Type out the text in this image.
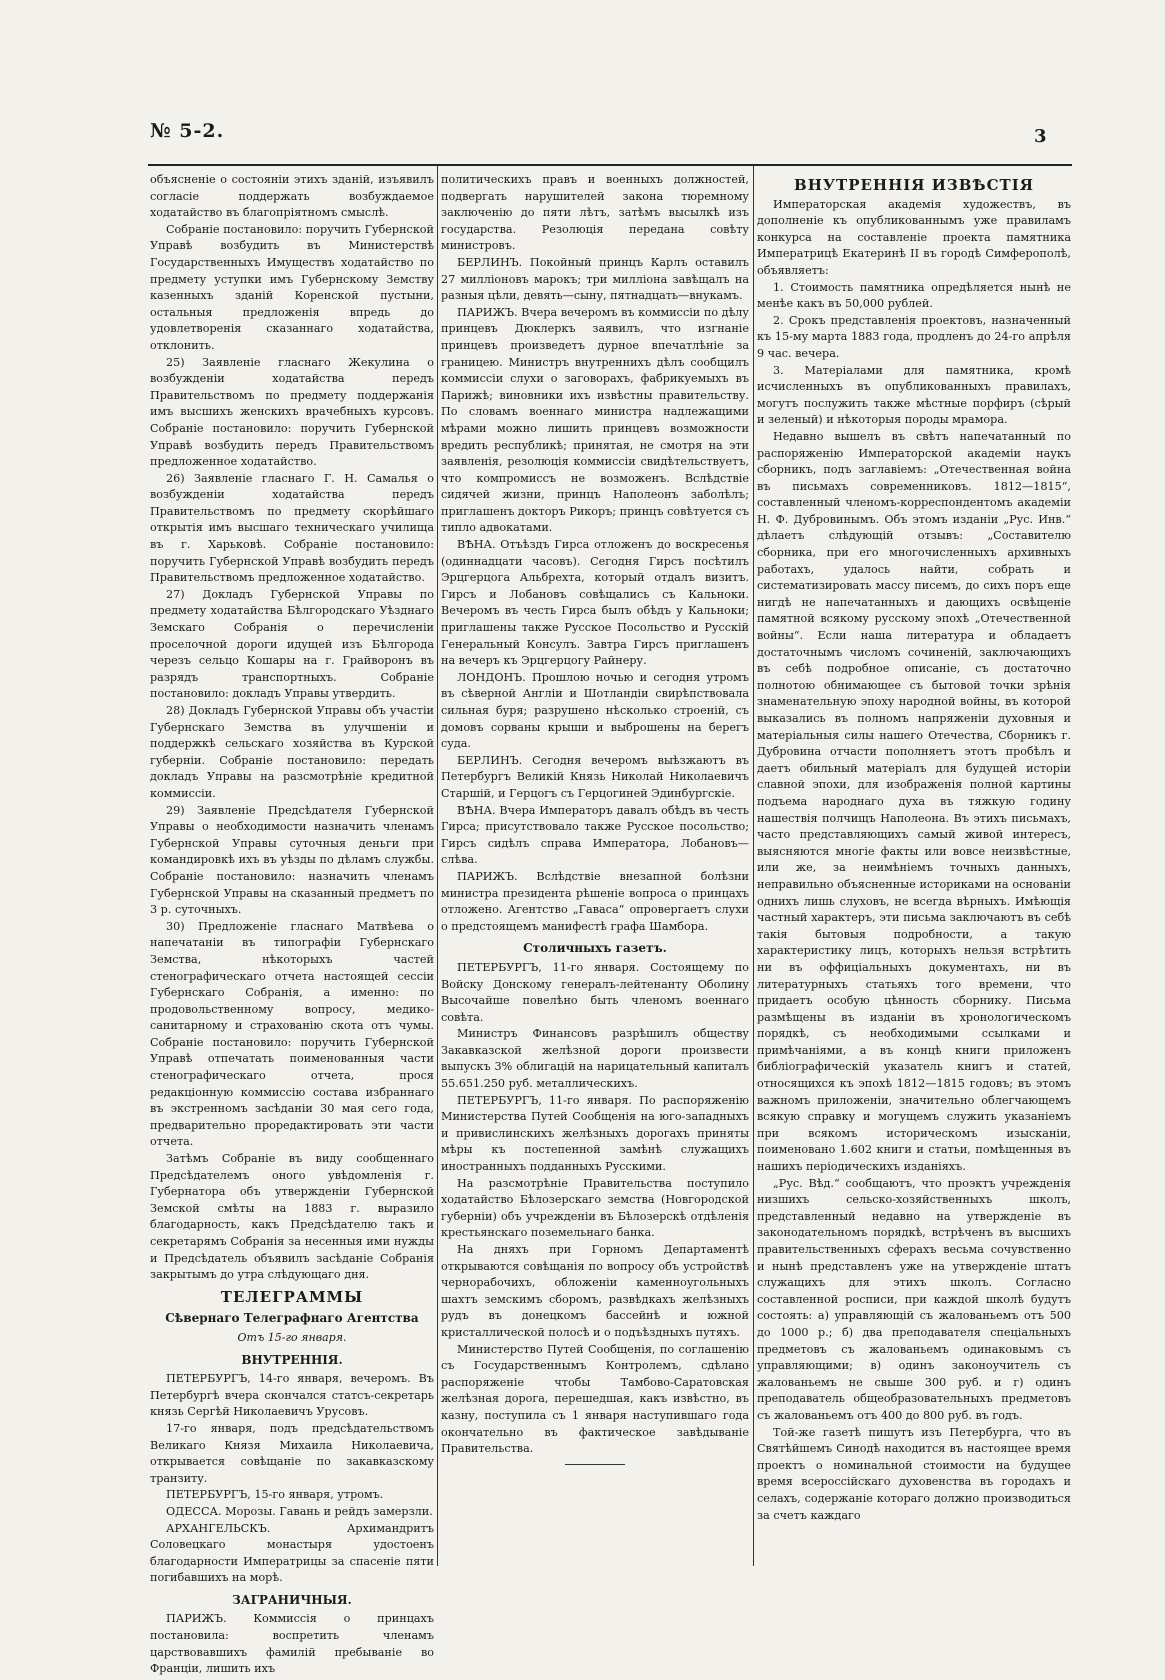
№ 5-2.	3

объясненіе о состояніи этихъ зданій, изъявилъ согласіе поддержать возбуждаемое ходатайство въ благопріятномъ смыслѣ.

Собраніе постановило: поручить Губернской Управѣ возбудить въ Министерствѣ Государственныхъ Имуществъ ходатайство по предмету уступки имъ Губернскому Земству казенныхъ зданій Коренской пустыни, остальныя предложенія впредь до удовлетворенія сказаннаго ходатайства, отклонить.

25) Заявленіе гласнаго Жекулина о возбужденіи ходатайства передъ Правительствомъ по предмету поддержанія имъ высшихъ женскихъ врачебныхъ курсовъ. Собраніе постановило: поручить Губернской Управѣ возбудить передъ Правительствомъ предложенное ходатайство.

26) Заявленіе гласнаго Г. Н. Самалья о возбужденіи ходатайства передъ Правительствомъ по предмету скорѣйшаго открытія имъ высшаго техническаго училища въ г. Харьковѣ. Собраніе постановило: поручить Губернской Управѣ возбудить передъ Правительствомъ предложенное ходатайство.

27) Докладъ Губернской Управы по предмету ходатайства Бѣлгородскаго Уѣзднаго Земскаго Собранія о перечисленіи проселочной дороги идущей изъ Бѣлгорода черезъ сельцо Кошары на г. Грайворонъ въ разрядъ транспортныхъ. Собраніе постановило: докладъ Управы утвердить.

28) Докладъ Губернской Управы объ участіи Губернскаго Земства въ улучшеніи и поддержкѣ сельскаго хозяйства въ Курской губерніи. Собраніе постановило: передать докладъ Управы на разсмотрѣніе кредитной коммиссіи.

29) Заявленіе Предсѣдателя Губернской Управы о необходимости назначить членамъ Губернской Управы суточныя деньги при командировкѣ ихъ въ уѣзды по дѣламъ службы. Собраніе постановило: назначить членамъ Губернской Управы на сказанный предметъ по 3 р. суточныхъ.

30) Предложеніе гласнаго Матвѣева о напечатаніи въ типографіи Губернскаго Земства, нѣкоторыхъ частей стенографическаго отчета настоящей сессіи Губернскаго Собранія, а именно: по продовольственному вопросу, медико-санитарному и страхованію скота отъ чумы. Собраніе постановило: поручить Губернской Управѣ отпечатать поименованныя части стенографическаго отчета, прося редакціонную коммиссію состава избраннаго въ экстренномъ засѣданіи 30 мая сего года, предварительно проредактировать эти части отчета.

Затѣмъ Собраніе въ виду сообщеннаго Предсѣдателемъ оного увѣдомленія г. Губернатора объ утвержденіи Губернской Земской смѣты на 1883 г. выразило благодарность, какъ Предсѣдателю такъ и секретарямъ Собранія за несенныя ими нужды и Предсѣдатель объявилъ засѣданіе Собранія закрытымъ до утра слѣдующаго дня.

ТЕЛЕГРАММЫ
Сѣвернаго Телеграфнаго Агентства
Отъ 15-го января.
ВНУТРЕННІЯ.

ПЕТЕРБУРГЪ, 14-го января, вечеромъ. Въ Петербургѣ вчера скончался статсъ-секретарь князь Сергѣй Николаевичъ Урусовъ.

17-го января, подъ предсѣдательствомъ Великаго Князя Михаила Николаевича, открывается совѣщаніе по закавказскому транзиту.

ПЕТЕРБУРГЪ, 15-го января, утромъ.

ОДЕССА. Морозы. Гавань и рейдъ замерзли.

АРХАНГЕЛЬСКЪ. Архимандритъ Соловецкаго монастыря удостоенъ благодарности Императрицы за спасеніе пяти погибавшихъ на морѣ.

ЗАГРАНИЧНЫЯ.

ПАРИЖЪ. Коммиссія о принцахъ постановила: воспретить членамъ царствовавшихъ фамилій пребываніе во Франціи, лишить ихъ

политическихъ правъ и военныхъ должностей, подвергать нарушителей закона тюремному заключенію до пяти лѣтъ, затѣмъ высылкѣ изъ государства. Резолюція передана совѣту министровъ.

БЕРЛИНЪ. Покойный принцъ Карлъ оставилъ 27 милліоновъ марокъ; три милліона завѣщалъ на разныя цѣли, девять—сыну, пятнадцать—внукамъ.

ПАРИЖЪ. Вчера вечеромъ въ коммиссіи по дѣлу принцевъ Дюклеркъ заявилъ, что изгнаніе принцевъ произведетъ дурное впечатлѣніе за границею. Министръ внутреннихъ дѣлъ сообщилъ коммиссіи слухи о заговорахъ, фабрикуемыхъ въ Парижѣ; виновники ихъ извѣстны правительству. По словамъ военнаго министра надлежащими мѣрами можно лишить принцевъ возможности вредить республикѣ; принятая, не смотря на эти заявленія, резолюція коммиссіи свидѣтельствуетъ, что компромиссъ не возможенъ. Вслѣдствіе сидячей жизни, принцъ Наполеонъ заболѣлъ; приглашенъ докторъ Рикоръ; принцъ совѣтуется съ типло адвокатами.

ВѢНА. Отъѣздъ Гирса отложенъ до воскресенья (одиннадцати часовъ). Сегодня Гирсъ посѣтилъ Эрцгерцога Альбрехта, который отдалъ визитъ. Гирсъ и Лобановъ совѣщались съ Кальноки. Вечеромъ въ честь Гирса былъ обѣдъ у Кальноки; приглашены также Русское Посольство и Русскій Генеральный Консулъ. Завтра Гирсъ приглашенъ на вечеръ къ Эрцгерцогу Райнеру.

ЛОНДОНЪ. Прошлою ночью и сегодня утромъ въ сѣверной Англіи и Шотландіи свирѣпствовала сильная буря; разрушено нѣсколько строеній, съ домовъ сорваны крыши и выброшены на берегъ суда.

БЕРЛИНЪ. Сегодня вечеромъ выѣзжаютъ въ Петербургъ Великій Князь Николай Николаевичъ Старшій, и Герцогъ съ Герцогиней Эдинбургскіе.

ВѢНА. Вчера Императоръ давалъ обѣдъ въ честь Гирса; присутствовало также Русское посольство; Гирсъ сидѣлъ справа Императора, Лобановъ—слѣва.

ПАРИЖЪ. Вслѣдствіе внезапной болѣзни министра президента рѣшеніе вопроса о принцахъ отложено. Агентство „Гаваса“ опровергаетъ слухи о предстоящемъ манифестѣ графа Шамбора.

Столичныхъ газетъ.

ПЕТЕРБУРГЪ, 11-го января. Состоящему по Войску Донскому генералъ-лейтенанту Оболину Высочайше повелѣно быть членомъ военнаго совѣта.

Министръ Финансовъ разрѣшилъ обществу Закавказской желѣзной дороги произвести выпускъ 3% облигацій на нарицательный капиталъ 55.651.250 руб. металлическихъ.

ПЕТЕРБУРГЪ, 11-го января. По распоряженію Министерства Путей Сообщенія на юго-западныхъ и привислинскихъ желѣзныхъ дорогахъ приняты мѣры къ постепенной замѣнѣ служащихъ иностранныхъ подданныхъ Русскими.

На разсмотрѣніе Правительства поступило ходатайство Бѣлозерскаго земства (Новгородской губерніи) объ учрежденіи въ Бѣлозерскѣ отдѣленія крестьянскаго поземельнаго банка.

На дняхъ при Горномъ Департаментѣ открываются совѣщанія по вопросу объ устройствѣ чернорабочихъ, обложеніи каменноугольныхъ шахтъ земскимъ сборомъ, развѣдкахъ желѣзныхъ рудъ въ донецкомъ бассейнѣ и южной кристаллической полосѣ и о подъѣздныхъ путяхъ.

Министерство Путей Сообщенія, по соглашенію съ Государственнымъ Контролемъ, сдѣлано распоряженіе чтобы Тамбово-Саратовская желѣзная дорога, перешедшая, какъ извѣстно, въ казну, поступила съ 1 января наступившаго года окончательно въ фактическое завѣдываніе Правительства.

ВНУТРЕННІЯ ИЗВѢСТІЯ

Императорская академія художествъ, въ дополненіе къ опубликованнымъ уже правиламъ конкурса на составленіе проекта памятника Императрицѣ Екатеринѣ II въ городѣ Симферополѣ, объявляетъ:

1. Стоимость памятника опредѣляется нынѣ не менѣе какъ въ 50,000 рублей.

2. Срокъ представленія проектовъ, назначенный къ 15-му марта 1883 года, продленъ до 24-го апрѣля 9 час. вечера.

3. Матеріалами для памятника, кромѣ исчисленныхъ въ опубликованныхъ правилахъ, могутъ послужить также мѣстные порфиръ (сѣрый и зеленый) и нѣкоторыя породы мрамора.

Недавно вышелъ въ свѣтъ напечатанный по распоряженію Императорской академіи наукъ сборникъ, подъ заглавіемъ: „Отечественная война въ письмахъ современниковъ. 1812—1815“, составленный членомъ-корреспондентомъ академіи Н. Ф. Дубровинымъ. Объ этомъ изданіи „Рус. Инв.“ дѣлаетъ слѣдующій отзывъ: „Составителю сборника, при его многочисленныхъ архивныхъ работахъ, удалось найти, собрать и систематизировать массу писемъ, до сихъ поръ еще нигдѣ не напечатанныхъ и дающихъ освѣщеніе памятной всякому русскому эпохѣ „Отечественной войны“. Если наша литература и обладаетъ достаточнымъ числомъ сочиненій, заключающихъ въ себѣ подробное описаніе, съ достаточно полнотою обнимающее съ бытовой точки зрѣнія знаменательную эпоху народной войны, въ которой выказались въ полномъ напряженіи духовныя и матеріальныя силы нашего Отечества, Сборникъ г. Дубровина отчасти пополняетъ этотъ пробѣлъ и даетъ обильный матеріалъ для будущей исторіи славной эпохи, для изображенія полной картины подъема народнаго духа въ тяжкую годину нашествія полчищъ Наполеона. Въ этихъ письмахъ, часто представляющихъ самый живой интересъ, выясняются многіе факты или вовсе неизвѣстные, или же, за неимѣніемъ точныхъ данныхъ, неправильно объясненные историками на основаніи однихъ лишь слуховъ, не всегда вѣрныхъ. Имѣющія частный характеръ, эти письма заключаютъ въ себѣ такія бытовыя подробности, а такую характеристику лицъ, которыхъ нельзя встрѣтить ни въ оффиціальныхъ документахъ, ни въ литературныхъ статьяхъ того времени, что придаетъ особую цѣнность сборнику. Письма размѣщены въ изданіи въ хронологическомъ порядкѣ, съ необходимыми ссылками и примѣчаніями, а въ концѣ книги приложенъ библіографическій указатель книгъ и статей, относящихся къ эпохѣ 1812—1815 годовъ; въ этомъ важномъ приложеніи, значительно облегчающемъ всякую справку и могущемъ служить указаніемъ при всякомъ историческомъ изысканіи, поименовано 1.602 книги и статьи, помѣщенныя въ нашихъ періодическихъ изданіяхъ.

„Рус. Вѣд.“ сообщаютъ, что проэктъ учрежденія низшихъ сельско-хозяйственныхъ школъ, представленный недавно на утвержденіе въ законодательномъ порядкѣ, встрѣченъ въ высшихъ правительственныхъ сферахъ весьма сочувственно и нынѣ представленъ уже на утвержденіе штатъ служащихъ для этихъ школъ. Согласно составленной росписи, при каждой школѣ будутъ состоять: а) управляющій съ жалованьемъ отъ 500 до 1000 р.; б) два преподавателя спеціальныхъ предметовъ съ жалованьемъ одинаковымъ съ управляющими; в) одинъ законоучитель съ жалованьемъ не свыше 300 руб. и г) одинъ преподаватель общеобразовательныхъ предметовъ съ жалованьемъ отъ 400 до 800 руб. въ годъ.

Той-же газетѣ пишутъ изъ Петербурга, что въ Святѣйшемъ Синодѣ находится въ настоящее время проектъ о номинальной стоимости на будущее время всероссійскаго духовенства въ городахъ и селахъ, содержаніе котораго должно производиться за счетъ каждаго
